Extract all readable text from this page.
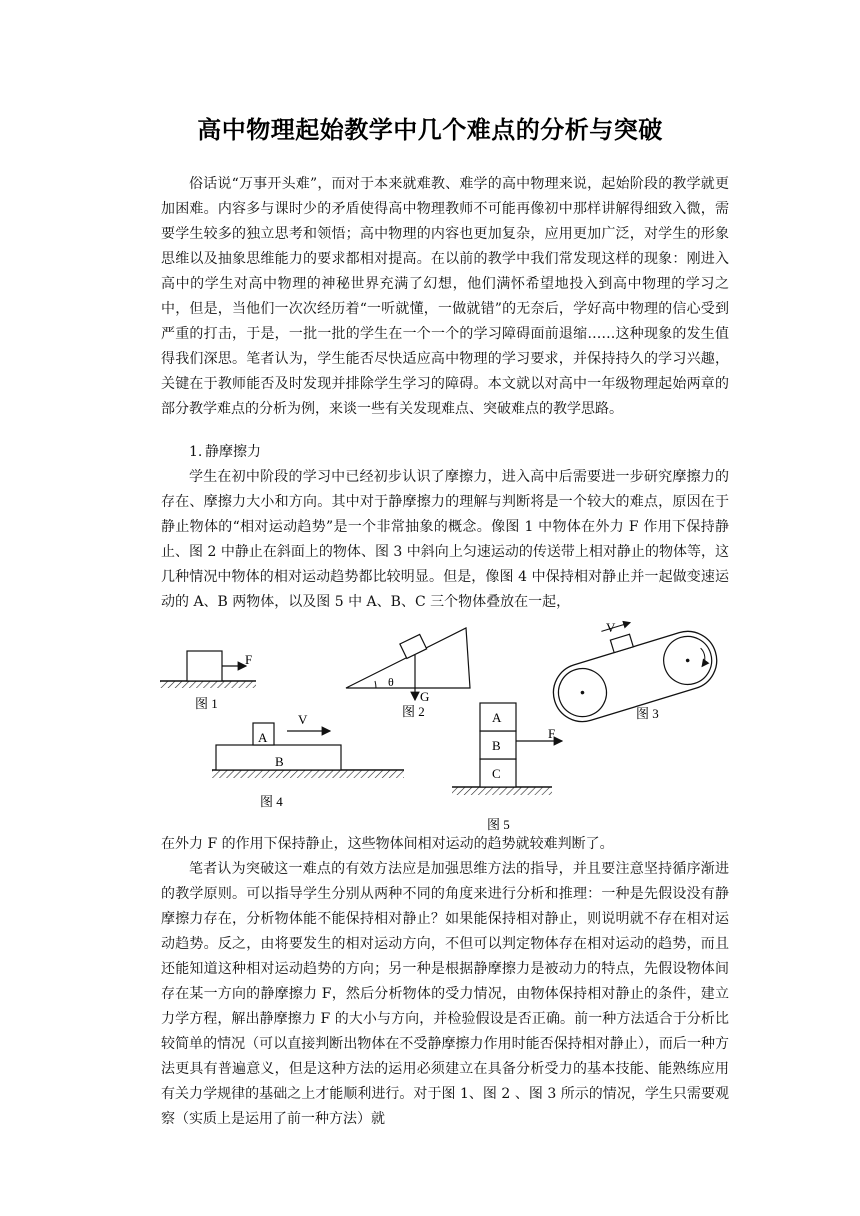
高中物理起始教学中几个难点的分析与突破

俗话说“万事开头难”，而对于本来就难教、难学的高中物理来说，起始阶段的教学就更加困难。内容多与课时少的矛盾使得高中物理教师不可能再像初中那样讲解得细致入微，需要学生较多的独立思考和领悟；高中物理的内容也更加复杂，应用更加广泛，对学生的形象思维以及抽象思维能力的要求都相对提高。在以前的教学中我们常发现这样的现象：刚进入高中的学生对高中物理的神秘世界充满了幻想，他们满怀希望地投入到高中物理的学习之中，但是，当他们一次次经历着“一听就懂，一做就错”的无奈后，学好高中物理的信心受到严重的打击，于是，一批一批的学生在一个一个的学习障碍面前退缩……这种现象的发生值得我们深思。笔者认为，学生能否尽快适应高中物理的学习要求，并保持持久的学习兴趣，关键在于教师能否及时发现并排除学生学习的障碍。本文就以对高中一年级物理起始两章的部分教学难点的分析为例，来谈一些有关发现难点、突破难点的教学思路。

1. 静摩擦力

学生在初中阶段的学习中已经初步认识了摩擦力，进入高中后需要进一步研究摩擦力的存在、摩擦力大小和方向。其中对于静摩擦力的理解与判断将是一个较大的难点，原因在于静止物体的“相对运动趋势”是一个非常抽象的概念。像图 1 中物体在外力 F 作用下保持静止、图 2 中静止在斜面上的物体、图 3 中斜向上匀速运动的传送带上相对静止的物体等，这几种情况中物体的相对运动趋势都比较明显。但是，像图 4 中保持相对静止并一起做变速运动的 A、B 两物体，以及图 5 中 A、B、C 三个物体叠放在一起，

F
图 1
θ
G
图 2
V
图 3
A
B
V
图 4
A
B
C
F
图 5

在外力 F 的作用下保持静止，这些物体间相对运动的趋势就较难判断了。

笔者认为突破这一难点的有效方法应是加强思维方法的指导，并且要注意坚持循序渐进的教学原则。可以指导学生分别从两种不同的角度来进行分析和推理：一种是先假设没有静摩擦力存在，分析物体能不能保持相对静止？如果能保持相对静止，则说明就不存在相对运动趋势。反之，由将要发生的相对运动方向，不但可以判定物体存在相对运动的趋势，而且还能知道这种相对运动趋势的方向；另一种是根据静摩擦力是被动力的特点，先假设物体间存在某一方向的静摩擦力 F，然后分析物体的受力情况，由物体保持相对静止的条件，建立力学方程，解出静摩擦力 F 的大小与方向，并检验假设是否正确。前一种方法适合于分析比较简单的情况（可以直接判断出物体在不受静摩擦力作用时能否保持相对静止），而后一种方法更具有普遍意义，但是这种方法的运用必须建立在具备分析受力的基本技能、能熟练应用有关力学规律的基础之上才能顺利进行。对于图 1、图 2 、图 3 所示的情况，学生只需要观察（实质上是运用了前一种方法）就
